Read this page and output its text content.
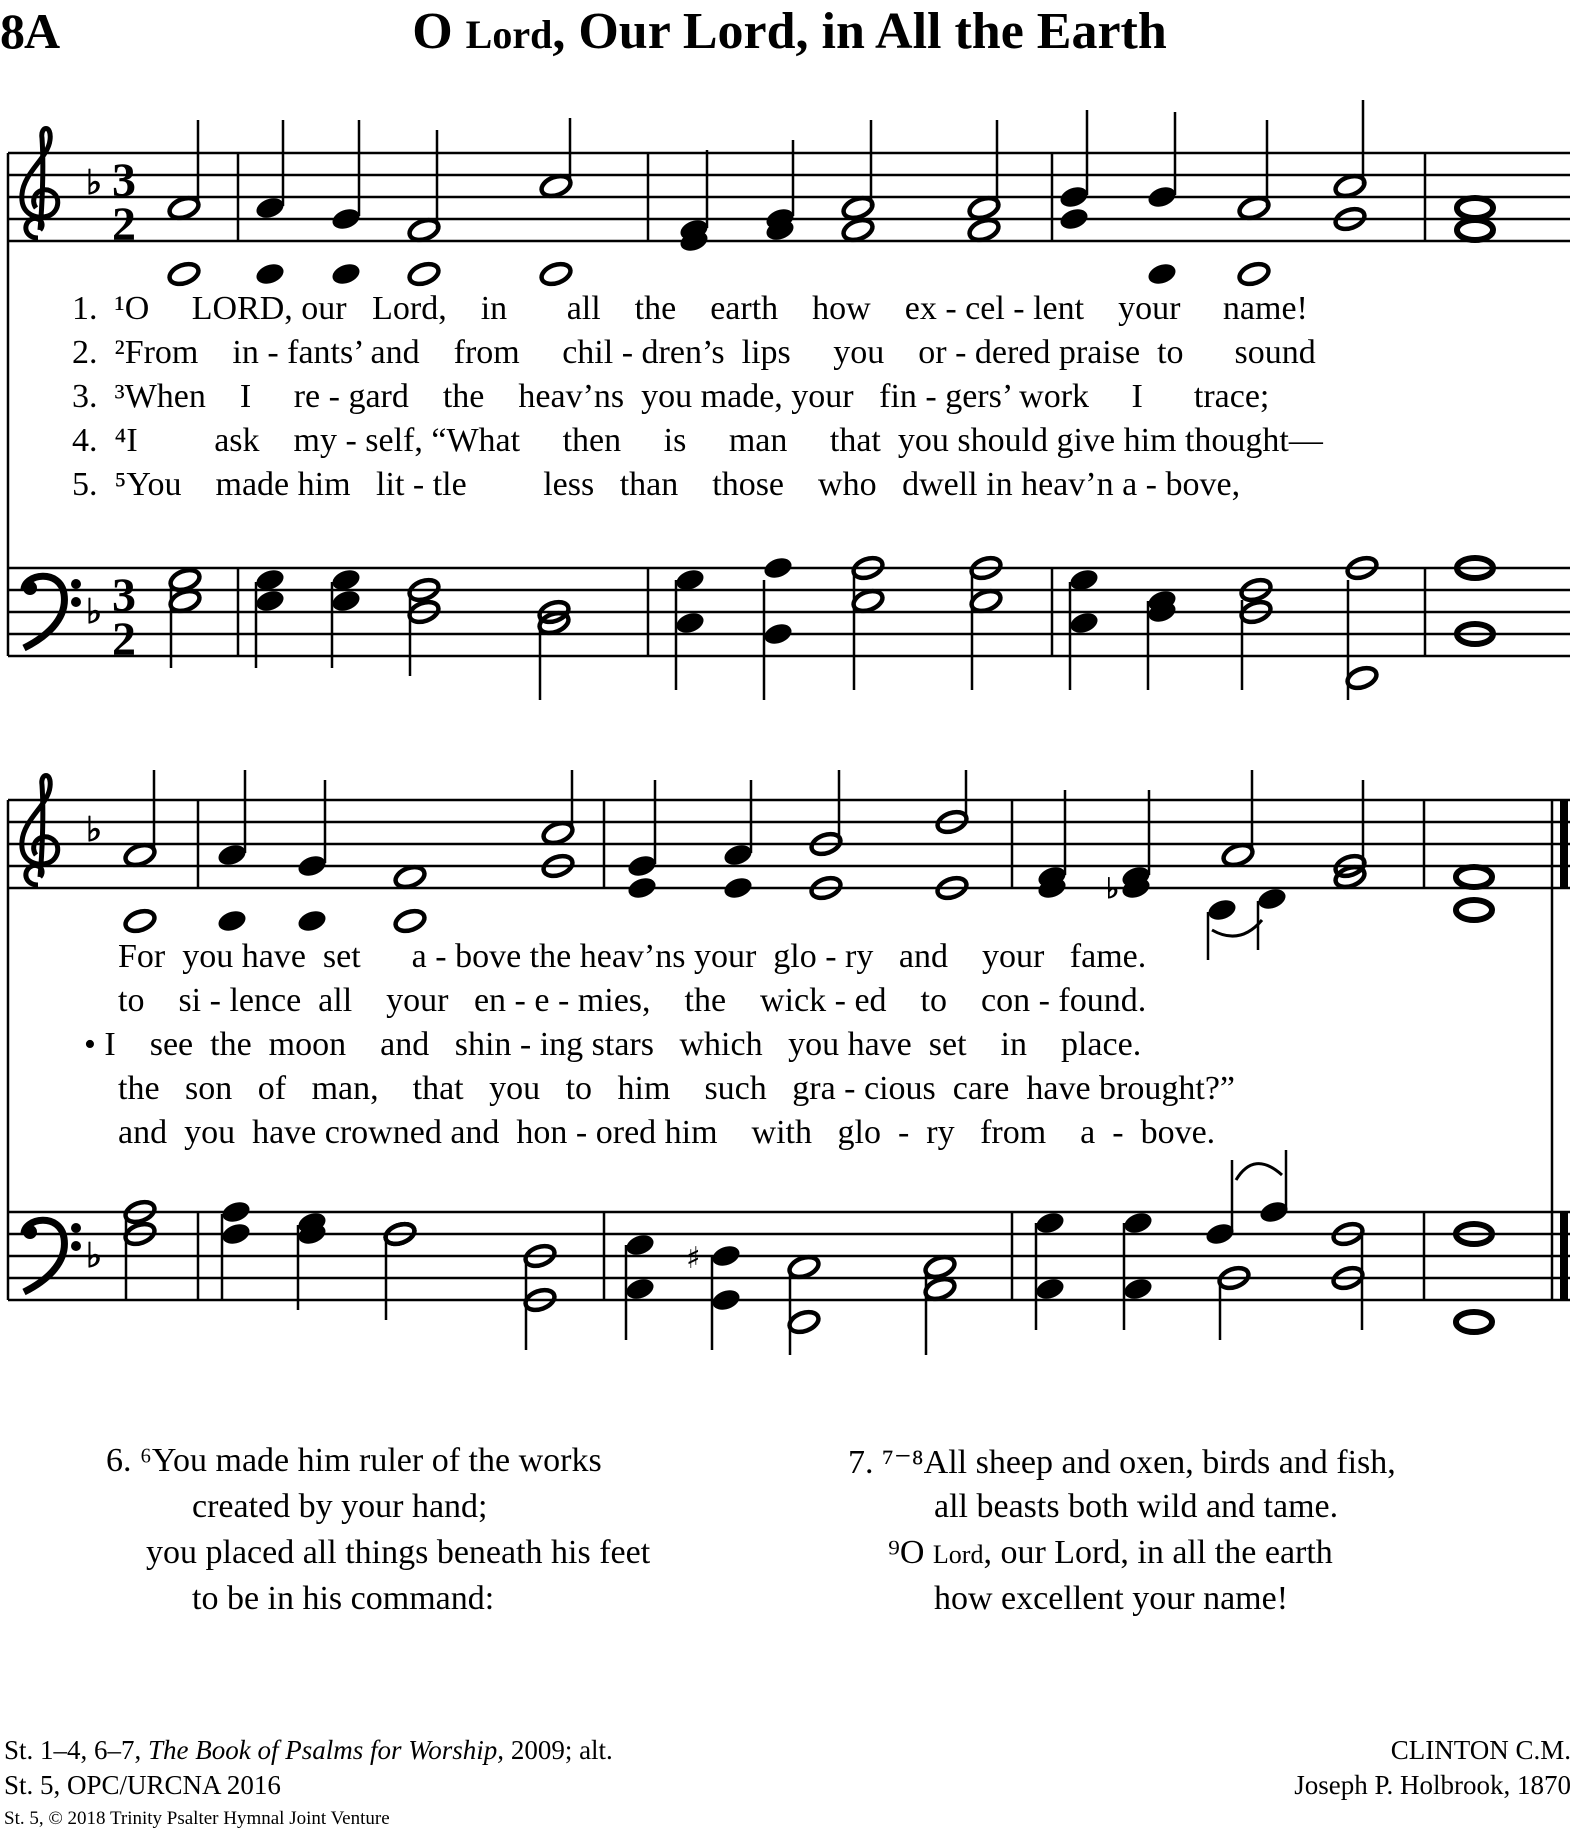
8A	O Lord, Our Lord, in All the Earth
♭
♭
3
2
3
2
♭
♭
♭
♯
1. ¹O LORD, our Lord, in all the earth how ex - cel - lent your name!
2. ²From in - fants’ and from chil - dren’s lips you or - dered praise to sound
3. ³When I re - gard the heav’ns you made, your fin - gers’ work I trace;
4. ⁴I ask my - self, “What then is man that you should give him thought—
5. ⁵You made him lit - tle less than those who dwell in heav’n a - bove,
For  you have  set      a - bove the heav’ns your  glo - ry   and    your   fame.
to    si - lence  all    your   en - e - mies,    the    wick - ed    to    con - found.
• I    see  the  moon    and   shin - ing stars   which   you have  set    in    place.
the   son   of   man,    that   you   to   him    such   gra - cious  care  have brought?”
and  you  have crowned and  hon - ored him    with   glo  -  ry   from    a  -  bove.
6. ⁶You made him ruler of the works
created by your hand;
you placed all things beneath his feet
to be in his command:
7. ⁷⁻⁸All sheep and oxen, birds and fish,
all beasts both wild and tame.
⁹O Lord, our Lord, in all the earth
how excellent your name!
St. 1–4, 6–7, The Book of Psalms for Worship, 2009; alt.
St. 5, OPC/URCNA 2016
St. 5, © 2018 Trinity Psalter Hymnal Joint Venture
CLINTON C.M.
Joseph P. Holbrook, 1870
